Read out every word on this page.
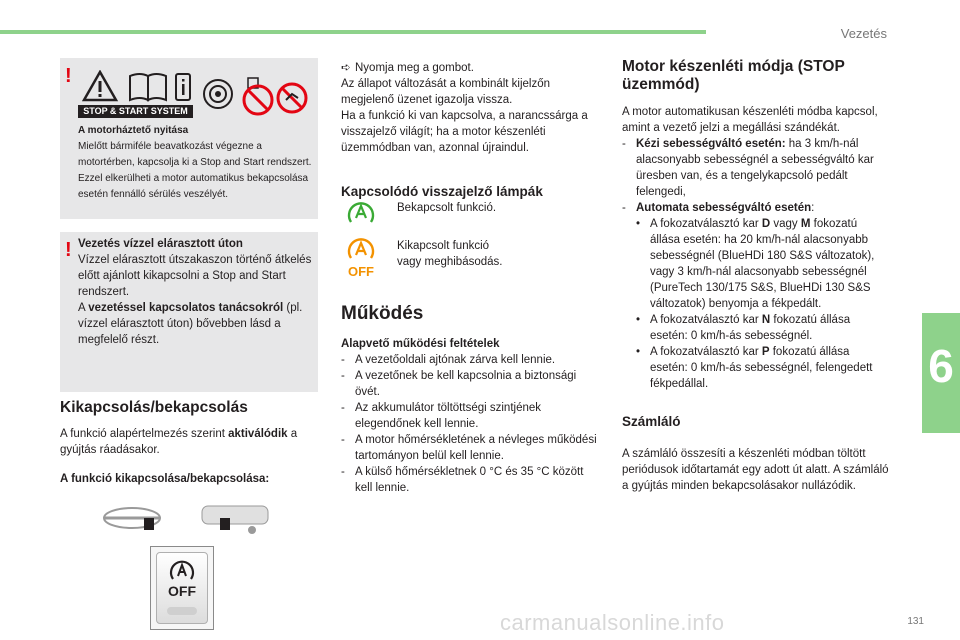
Vezetés
6
!
STOP & START SYSTEM
A motorháztető nyitása
Mielőtt bármiféle beavatkozást végezne a motortérben, kapcsolja ki a Stop and Start rendszert. Ezzel elkerülheti a motor automatikus bekapcsolása esetén fennálló sérülés veszélyét.
! Vezetés vízzel elárasztott úton
Vízzel elárasztott útszakaszon történő átkelés előtt ajánlott kikapcsolni a Stop and Start rendszert.
A vezetéssel kapcsolatos tanácsokról (pl. vízzel elárasztott úton) bővebben lásd a megfelelő részt.
Kikapcsolás/bekapcsolás

A funkció alapértelmezés szerint aktiválódik a gyújtás ráadásakor.

A funkció kikapcsolása/bekapcsolása:

OFF

➪ Nyomja meg a gombot.

Az állapot változását a kombinált kijelzőn megjelenő üzenet igazolja vissza.

Ha a funkció ki van kapcsolva, a narancssárga a visszajelző világít; ha a motor készenléti üzemmódban van, azonnal újraindul.

Kapcsolódó visszajelző lámpák
Bekapcsolt funkció.
OFF
Kikapcsolt funkció vagy meghibásodás.
Működés

Alapvető működési feltételek

- A vezetőoldali ajtónak zárva kell lennie.
- A vezetőnek be kell kapcsolnia a biztonsági övét.
- Az akkumulátor töltöttségi szintjének elegendőnek kell lennie.
- A motor hőmérsékletének a névleges működési tartományon belül kell lennie.
- A külső hőmérsékletnek 0 °C és 35 °C között kell lennie.
Motor készenléti módja (STOP üzemmód)

A motor automatikusan készenléti módba kapcsol, amint a vezető jelzi a megállási szándékát.

- Kézi sebességváltó esetén: ha 3 km/h-nál alacsonyabb sebességnél a sebességváltó kar üresben van, és a tengelykapcsoló pedált felengedi,
- Automata sebességváltó esetén:
• A fokozatválasztó kar D vagy M fokozatú állása esetén: ha 20 km/h-nál alacsonyabb sebességnél (BlueHDi 180 S&S változatok), vagy 3 km/h-nál alacsonyabb sebességnél (PureTech 130/175 S&S, BlueHDi 130 S&S változatok) benyomja a fékpedált.
• A fokozatválasztó kar N fokozatú állása esetén: 0 km/h-ás sebességnél.
• A fokozatválasztó kar P fokozatú állása esetén: 0 km/h-ás sebességnél, felengedett fékpedállal.
Számláló

A számláló összesíti a készenléti módban töltött periódusok időtartamát egy adott út alatt. A számláló a gyújtás minden bekapcsolásakor nullázódik.

carmanualsonline.info	131
